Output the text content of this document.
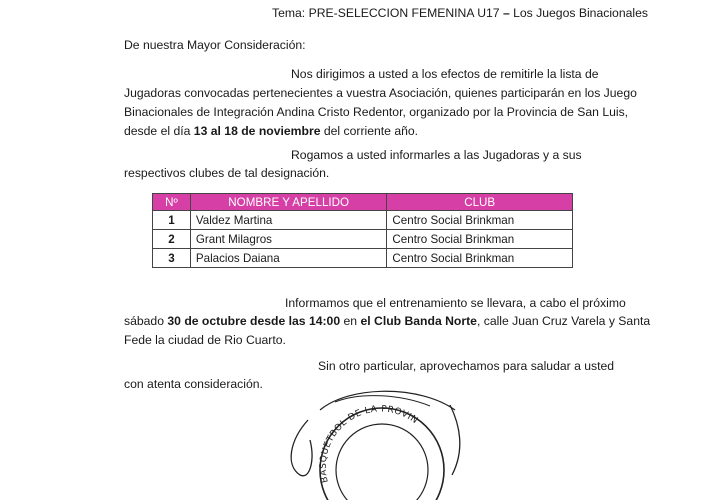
Tema: PRE-SELECCION FEMENINA U17 – Los Juegos Binacionales
De nuestra Mayor Consideración:
Nos dirigimos a usted a los efectos de remitirle la lista de
Jugadoras convocadas pertenecientes a vuestra Asociación, quienes participarán en los Juego
Binacionales de Integración Andina Cristo Redentor, organizado por la Provincia de San Luis,
desde el día 13 al 18 de noviembre del corriente año.
Rogamos a usted informarles a las Jugadoras y a sus
respectivos clubes de tal designación.
Nº	NOMBRE Y APELLIDO	CLUB
1	Valdez Martina	Centro Social Brinkman
2	Grant Milagros	Centro Social Brinkman
3	Palacios Daiana	Centro Social Brinkman
Informamos que el entrenamiento se llevara, a cabo el próximo
sábado 30 de octubre desde las 14:00 en el Club Banda Norte, calle Juan Cruz Varela y Santa
Fede la ciudad de Rio Cuarto.
Sin otro particular, aprovechamos para saludar a usted
con atenta consideración.
BASQUETBOL DE LA PROVIN
